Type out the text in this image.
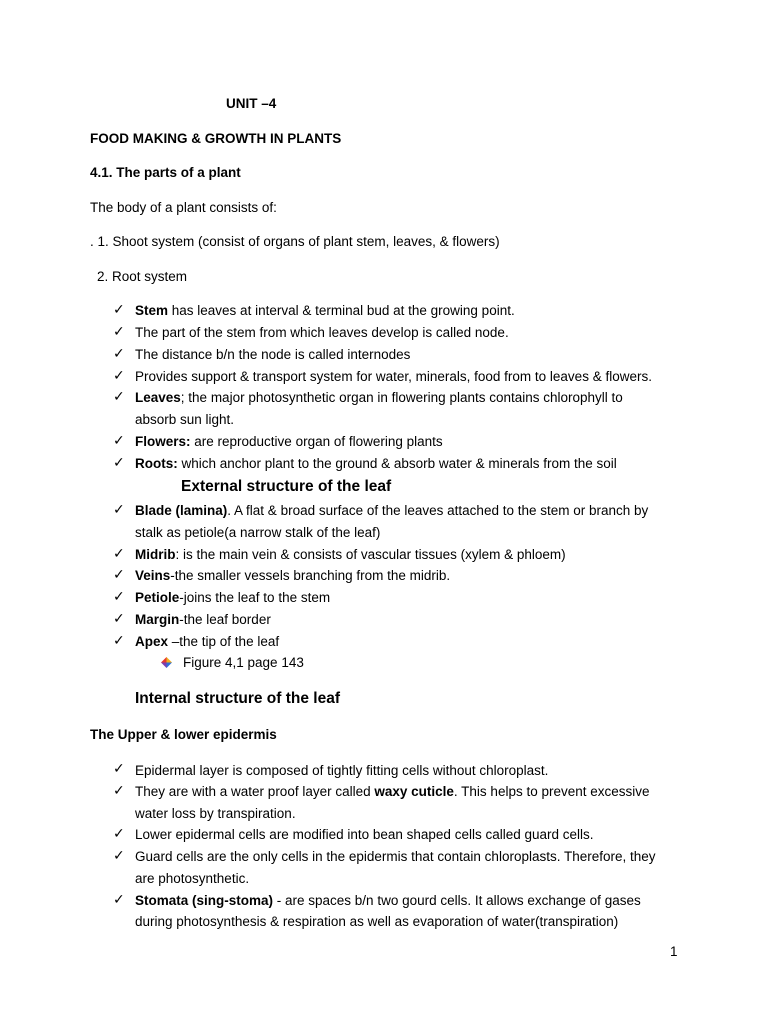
UNIT –4
FOOD MAKING & GROWTH IN PLANTS
4.1. The parts of a plant
The body of a plant consists of:
. 1. Shoot system (consist of organs of plant stem, leaves, & flowers)
2. Root system
✓ Stem has leaves at interval & terminal bud at the growing point.
✓ The part of the stem from which leaves develop is called node.
✓ The distance b/n the node is called internodes
✓ Provides support & transport system for water, minerals, food from to leaves & flowers.
✓ Leaves; the major photosynthetic organ in flowering plants contains chlorophyll to
absorb sun light.
✓ Flowers: are reproductive organ of flowering plants
✓ Roots: which anchor plant to the ground & absorb water & minerals from the soil
External structure of the leaf
✓ Blade (lamina). A flat & broad surface of the leaves attached to the stem or branch by
stalk as petiole(a narrow stalk of the leaf)
✓ Midrib: is the main vein & consists of vascular tissues (xylem & phloem)
✓ Veins-the smaller vessels branching from the midrib.
✓ Petiole-joins the leaf to the stem
✓ Margin-the leaf border
✓ Apex –the tip of the leaf
Figure 4,1 page 143
Internal structure of the leaf
The Upper & lower epidermis
✓ Epidermal layer is composed of tightly fitting cells without chloroplast.
✓ They are with a water proof layer called waxy cuticle. This helps to prevent excessive
water loss by transpiration.
✓ Lower epidermal cells are modified into bean shaped cells called guard cells.
✓ Guard cells are the only cells in the epidermis that contain chloroplasts. Therefore, they
are photosynthetic.
✓ Stomata (sing-stoma) - are spaces b/n two gourd cells. It allows exchange of gases
during photosynthesis & respiration as well as evaporation of water(transpiration)
1
